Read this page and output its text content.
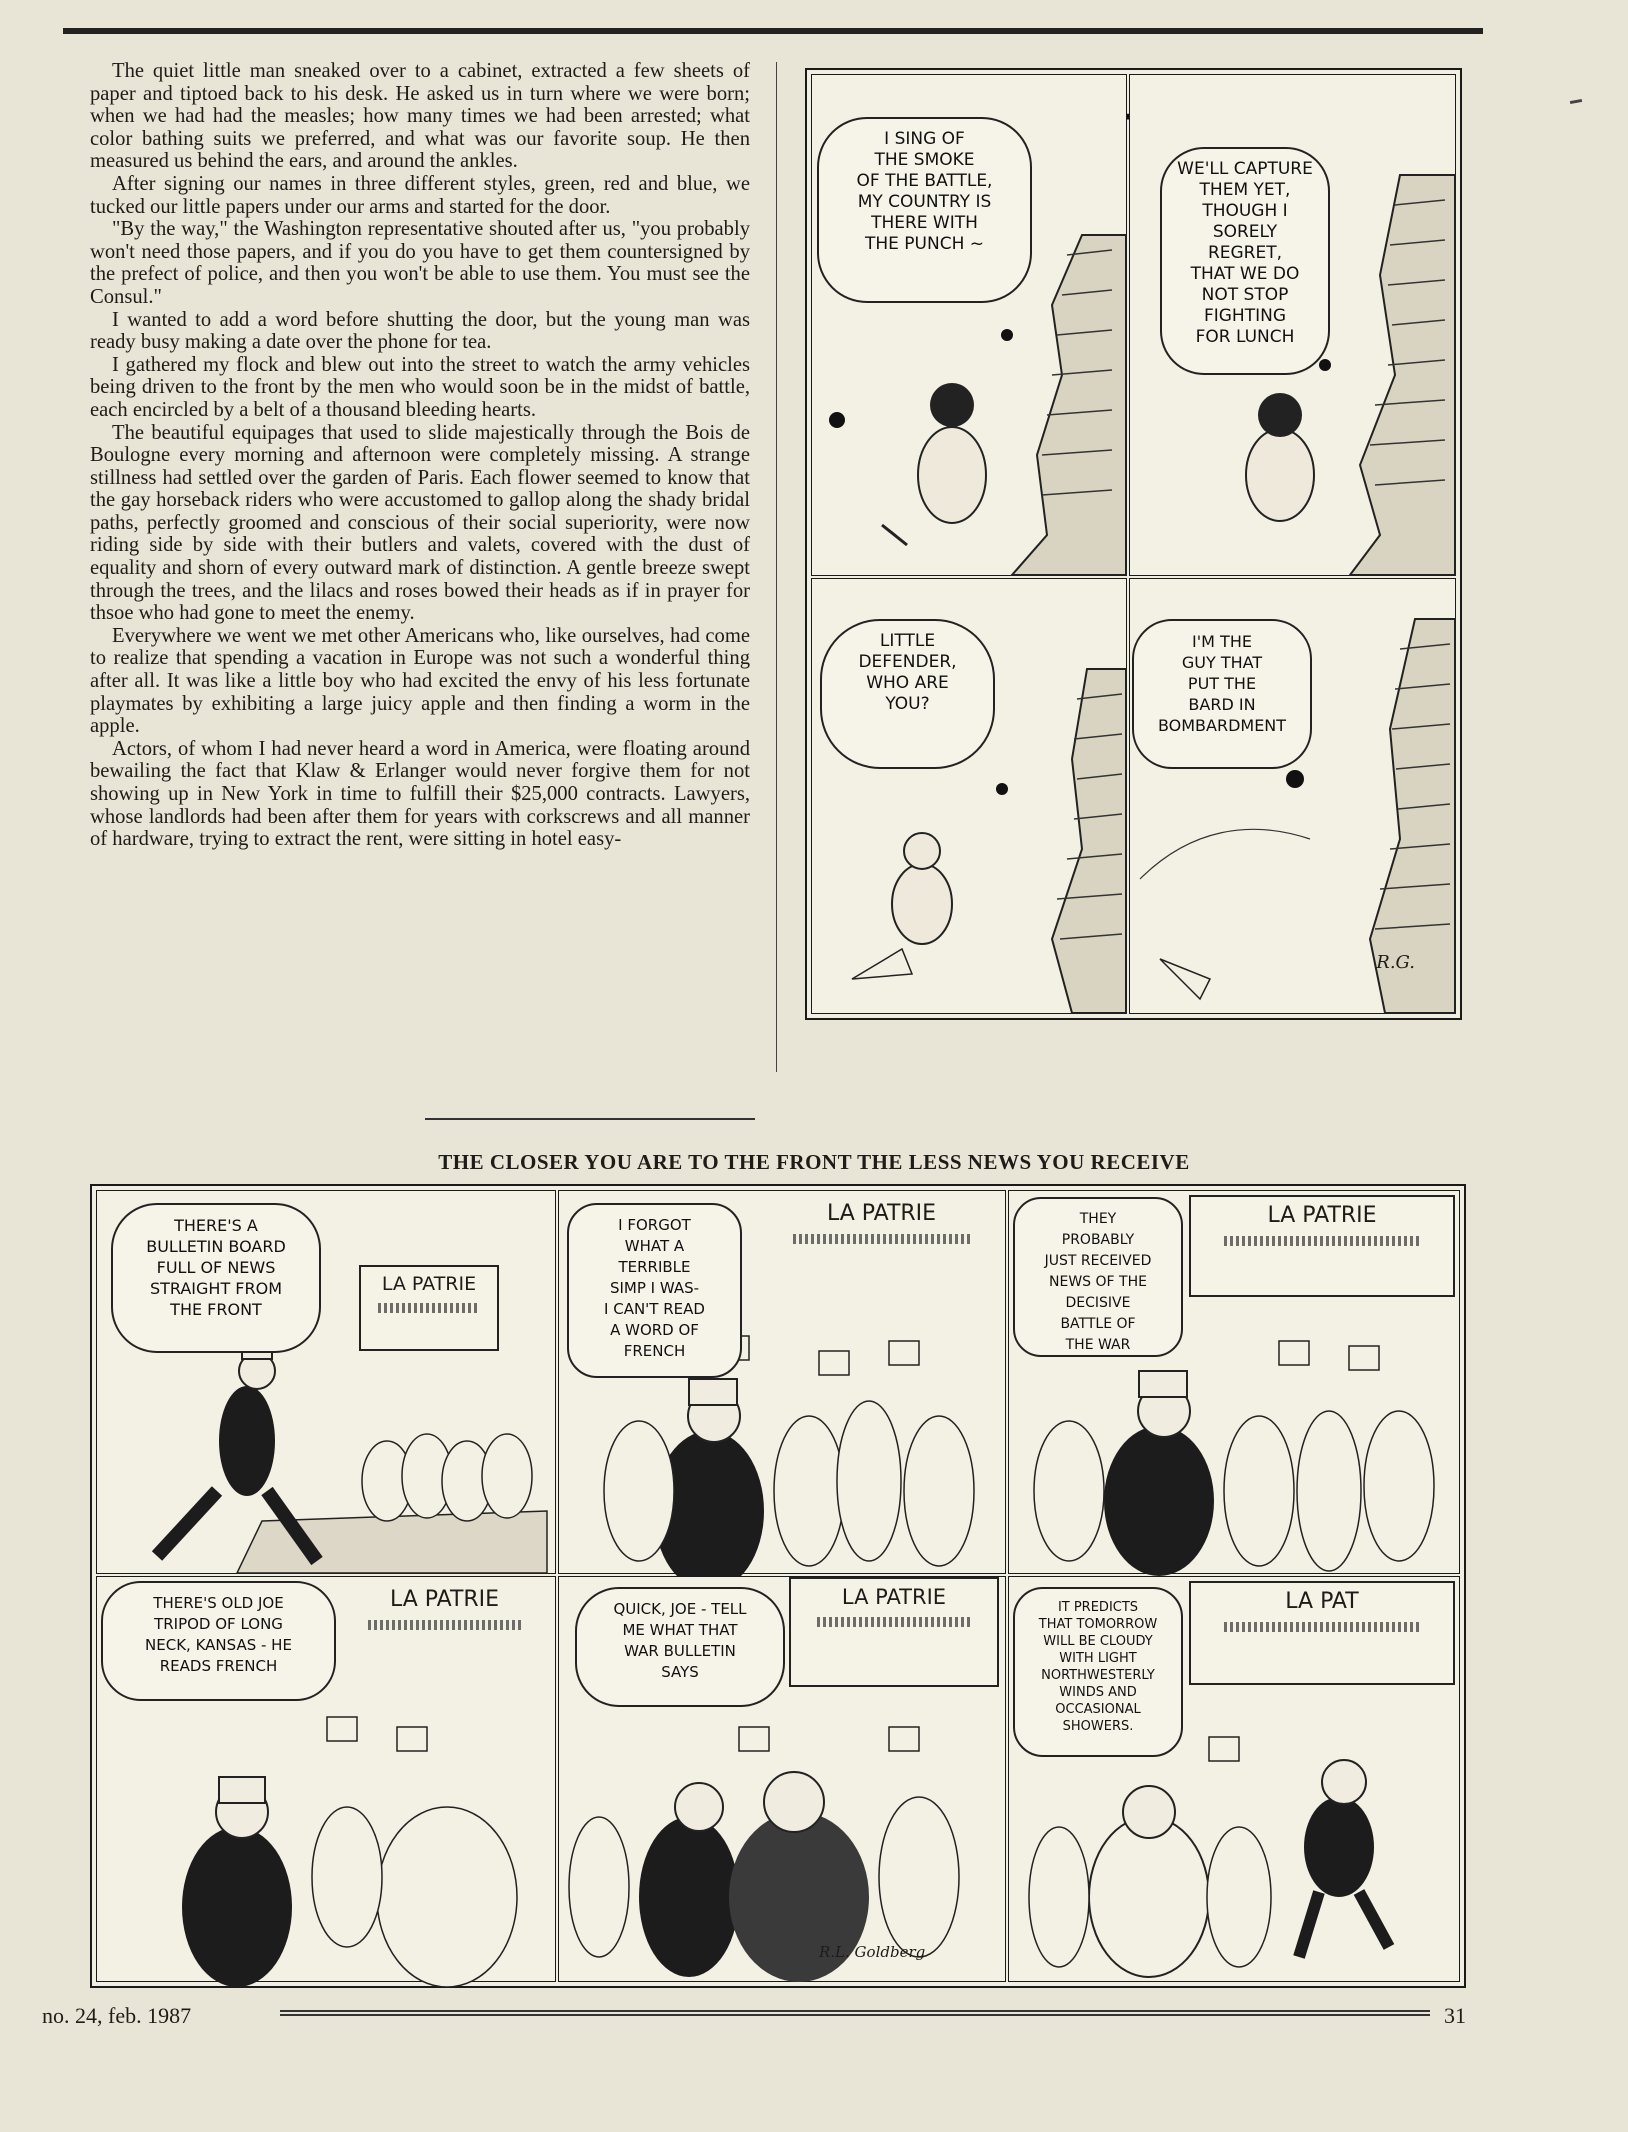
The quiet little man sneaked over to a cabinet, extracted a few sheets of paper and tiptoed back to his desk. He asked us in turn where we were born; when we had had the measles; how many times we had been arrested; what color bathing suits we preferred, and what was our favorite soup. He then measured us behind the ears, and around the ankles.

After signing our names in three different styles, green, red and blue, we tucked our little papers under our arms and started for the door.

"By the way," the Washington representative shouted after us, "you probably won't need those papers, and if you do you have to get them countersigned by the prefect of police, and then you won't be able to use them. You must see the Consul."

I wanted to add a word before shutting the door, but the young man was ready busy making a date over the phone for tea.

I gathered my flock and blew out into the street to watch the army vehicles being driven to the front by the men who would soon be in the midst of battle, each encircled by a belt of a thousand bleeding hearts.

The beautiful equipages that used to slide majestically through the Bois de Boulogne every morning and afternoon were completely missing. A strange stillness had settled over the garden of Paris. Each flower seemed to know that the gay horseback riders who were accustomed to gallop along the shady bridal paths, perfectly groomed and conscious of their social superiority, were now riding side by side with their butlers and valets, covered with the dust of equality and shorn of every outward mark of distinction. A gentle breeze swept through the trees, and the lilacs and roses bowed their heads as if in prayer for thsoe who had gone to meet the enemy.

Everywhere we went we met other Americans who, like ourselves, had come to realize that spending a vacation in Europe was not such a wonderful thing after all. It was like a little boy who had excited the envy of his less fortunate playmates by exhibiting a large juicy apple and then finding a worm in the apple.

Actors, of whom I had never heard a word in America, were floating around bewailing the fact that Klaw & Erlanger would never forgive them for not showing up in New York in time to fulfill their $25,000 contracts. Lawyers, whose landlords had been after them for years with corkscrews and all manner of hardware, trying to extract the rent, were sitting in hotel easy-

I SING OF
THE SMOKE
OF THE BATTLE,
MY COUNTRY IS
THERE WITH
THE PUNCH ~
WE'LL CAPTURE
THEM YET,
THOUGH I SORELY
REGRET,
THAT WE DO
NOT STOP
FIGHTING
FOR LUNCH
LITTLE
DEFENDER,
WHO ARE
YOU?
I'M THE
GUY THAT
PUT THE
BARD IN
BOMBARDMENT
R.G.
THE CLOSER YOU ARE TO THE FRONT THE LESS NEWS YOU RECEIVE
THERE'S A
BULLETIN BOARD
FULL OF NEWS
STRAIGHT FROM
THE FRONT
LA PATRIE
I FORGOT
WHAT A
TERRIBLE
SIMP I WAS-
I CAN'T READ
A WORD OF
FRENCH
LA PATRIE	THEY
PROBABLY
JUST RECEIVED
NEWS OF THE
DECISIVE
BATTLE OF
THE WAR
LA PATRIE
THERE'S OLD JOE
TRIPOD OF LONG
NECK, KANSAS - HE
READS FRENCH
LA PATRIE	QUICK, JOE - TELL
ME WHAT THAT
WAR BULLETIN
SAYS
LA PATRIE	IT PREDICTS
THAT TOMORROW
WILL BE CLOUDY
WITH LIGHT
NORTHWESTERLY
WINDS AND
OCCASIONAL
SHOWERS.
LA PAT
R.L. Goldberg
no. 24, feb. 1987	31
